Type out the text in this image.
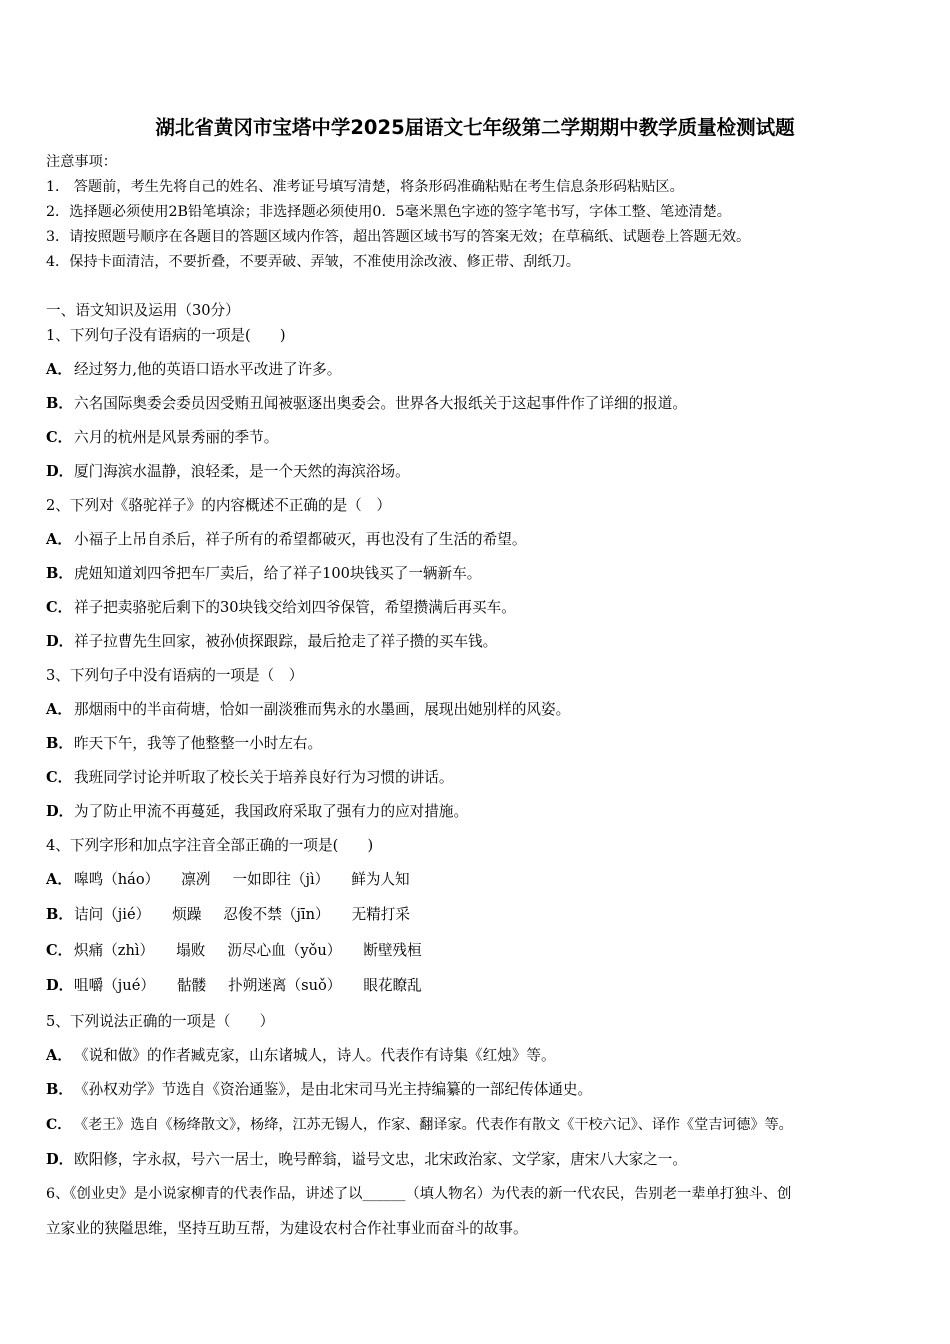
湖北省黄冈市宝塔中学2025届语文七年级第二学期期中教学质量检测试题
注意事项：
1． 答题前，考生先将自己的姓名、准考证号填写清楚，将条形码准确粘贴在考生信息条形码粘贴区。
2．选择题必须使用2B铅笔填涂；非选择题必须使用0．5毫米黑色字迹的签字笔书写，字体工整、笔迹清楚。
3．请按照题号顺序在各题目的答题区域内作答，超出答题区域书写的答案无效；在草稿纸、试题卷上答题无效。
4．保持卡面清洁，不要折叠，不要弄破、弄皱，不准使用涂改液、修正带、刮纸刀。
一、语文知识及运用（30分）
1、下列句子没有语病的一项是(　　)
A． 经过努力,他的英语口语水平改进了许多。
B．六名国际奥委会委员因受贿丑闻被驱逐出奥委会。世界各大报纸关于这起事件作了详细的报道。
C． 六月的杭州是风景秀丽的季节。
D．厦门海滨水温静，浪轻柔，是一个天然的海滨浴场。
2、下列对《骆驼祥子》的内容概述不正确的是（　）
A． 小福子上吊自杀后，祥子所有的希望都破灭，再也没有了生活的希望。
B．虎妞知道刘四爷把车厂卖后，给了祥子100块钱买了一辆新车。
C． 祥子把卖骆驼后剩下的30块钱交给刘四爷保管，希望攒满后再买车。
D．祥子拉曹先生回家，被孙侦探跟踪，最后抢走了祥子攒的买车钱。
3、下列句子中没有语病的一项是（　）
A． 那烟雨中的半亩荷塘，恰如一副淡雅而隽永的水墨画，展现出她别样的风姿。
B．昨天下午，我等了他整整一小时左右。
C． 我班同学讨论并听取了校长关于培养良好行为习惯的讲话。
D．为了防止甲流不再蔓延，我国政府采取了强有力的应对措施。
4、下列字形和加点字注音全部正确的一项是(　　)
A． 嗥鸣（háo） 凛冽 一如即往（jì） 鲜为人知
B．诘问（jié） 烦躁 忍俊不禁（jīn） 无精打采
C． 炽痛（zhì） 塌败 沥尽心血（yǒu） 断壁残桓
D．咀嚼（jué） 骷髅 扑朔迷离（suǒ） 眼花瞭乱
5、下列说法正确的一项是（　　）
A． 《说和做》的作者臧克家，山东诸城人，诗人。代表作有诗集《红烛》等。
B．《孙权劝学》节选自《资治通鉴》，是由北宋司马光主持编纂的一部纪传体通史。
C． 《老王》选自《杨绛散文》，杨绛，江苏无锡人，作家、翻译家。代表作有散文《干校六记》、译作《堂吉诃德》等。
D．欧阳修，字永叔，号六一居士，晚号醉翁，谥号文忠，北宋政治家、文学家，唐宋八大家之一。
6、《创业史》是小说家柳青的代表作品，讲述了以______（填人物名）为代表的新一代农民，告别老一辈单打独斗、创
立家业的狭隘思维，坚持互助互帮，为建设农村合作社事业而奋斗的故事。
